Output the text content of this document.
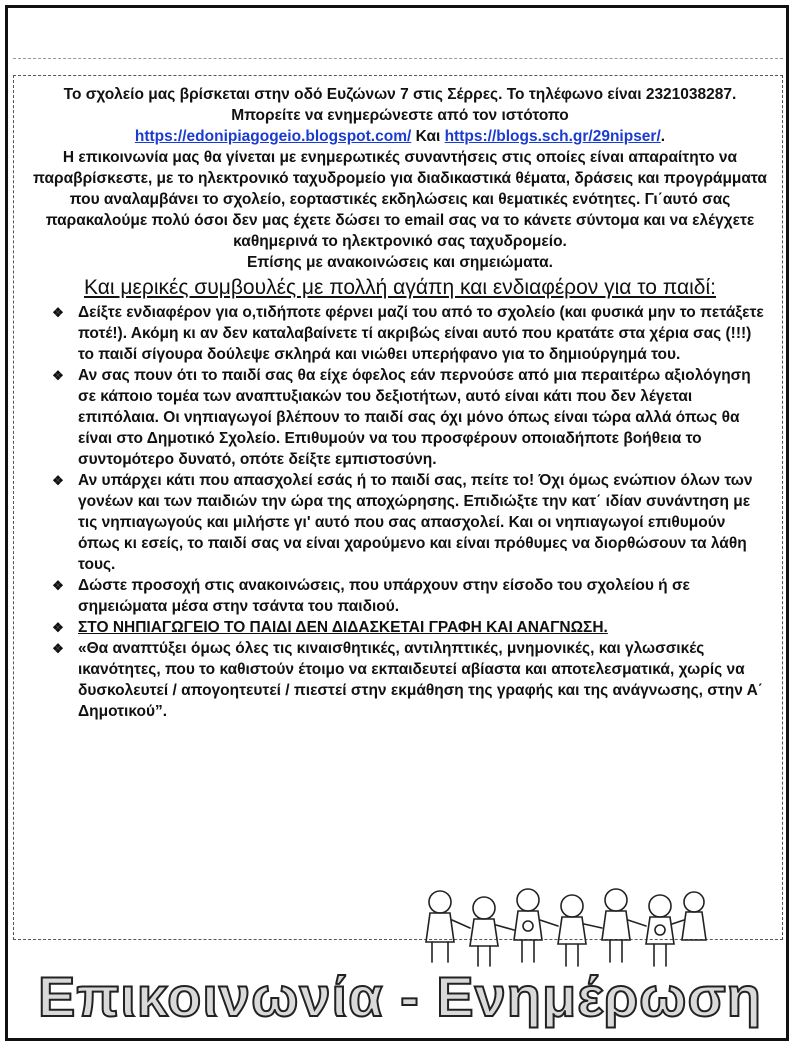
Το σχολείο μας βρίσκεται στην οδό Ευζώνων 7 στις Σέρρες. Το τηλέφωνο είναι 2321038287.

Μπορείτε να ενημερώνεστε από τον ιστότοπο

https://edonipiagogeio.blogspot.com/ Και https://blogs.sch.gr/29nipser/.

Η επικοινωνία μας θα γίνεται με ενημερωτικές συναντήσεις στις οποίες είναι απαραίτητο να παραβρίσκεστε, με το ηλεκτρονικό ταχυδρομείο για διαδικαστικά θέματα, δράσεις και προγράμματα που αναλαμβάνει το σχολείο, εορταστικές εκδηλώσεις και θεματικές ενότητες. Γι΄αυτό σας παρακαλούμε πολύ όσοι δεν μας έχετε δώσει το email σας να το κάνετε σύντομα και να ελέγχετε καθημερινά το ηλεκτρονικό σας ταχυδρομείο.

Επίσης με ανακοινώσεις και σημειώματα.

Και μερικές συμβουλές με πολλή αγάπη και ενδιαφέρον για το παιδί:
❖ Δείξτε ενδιαφέρον για ο,τιδήποτε φέρνει μαζί του από το σχολείο (και φυσικά μην το πετάξετε ποτέ!). Ακόμη κι αν δεν καταλαβαίνετε τί ακριβώς είναι αυτό που κρατάτε στα χέρια σας (!!!) το παιδί σίγουρα δούλεψε σκληρά και νιώθει υπερήφανο για το δημιούργημά του.
❖ Αν σας πουν ότι το παιδί σας θα είχε όφελος εάν περνούσε από μια περαιτέρω αξιολόγηση σε κάποιο τομέα των αναπτυξιακών του δεξιοτήτων, αυτό είναι κάτι που δεν λέγεται επιπόλαια. Οι νηπιαγωγοί βλέπουν το παιδί σας όχι μόνο όπως είναι τώρα αλλά όπως θα είναι στο Δημοτικό Σχολείο. Επιθυμούν να του προσφέρουν οποιαδήποτε βοήθεια το συντομότερο δυνατό, οπότε δείξτε εμπιστοσύνη.
❖ Αν υπάρχει κάτι που απασχολεί εσάς ή το παιδί σας, πείτε το! Όχι όμως ενώπιον όλων των γονέων και των παιδιών την ώρα της αποχώρησης. Επιδιώξτε την κατ΄ ιδίαν συνάντηση με τις νηπιαγωγούς και μιλήστε γι' αυτό που σας απασχολεί. Και οι νηπιαγωγοί επιθυμούν όπως κι εσείς, το παιδί σας να είναι χαρούμενο και είναι πρόθυμες να διορθώσουν τα λάθη τους.
❖ Δώστε προσοχή στις ανακοινώσεις, που υπάρχουν στην είσοδο του σχολείου ή σε σημειώματα μέσα στην τσάντα του παιδιού.
❖ ΣΤΟ ΝΗΠΙΑΓΩΓΕΙΟ ΤΟ ΠΑΙΔΙ ΔΕΝ ΔΙΔΑΣΚΕΤΑΙ ΓΡΑΦΗ ΚΑΙ ΑΝΑΓΝΩΣΗ.
❖ «Θα αναπτύξει όμως όλες τις κιναισθητικές, αντιληπτικές, μνημονικές, και γλωσσικές ικανότητες, που το καθιστούν έτοιμο να εκπαιδευτεί αβίαστα και αποτελεσματικά, χωρίς να δυσκολευτεί / απογοητευτεί / πιεστεί στην εκμάθηση της γραφής και της ανάγνωσης, στην Α΄ Δημοτικού”.
Επικοινωνία - Ενημέρωση
